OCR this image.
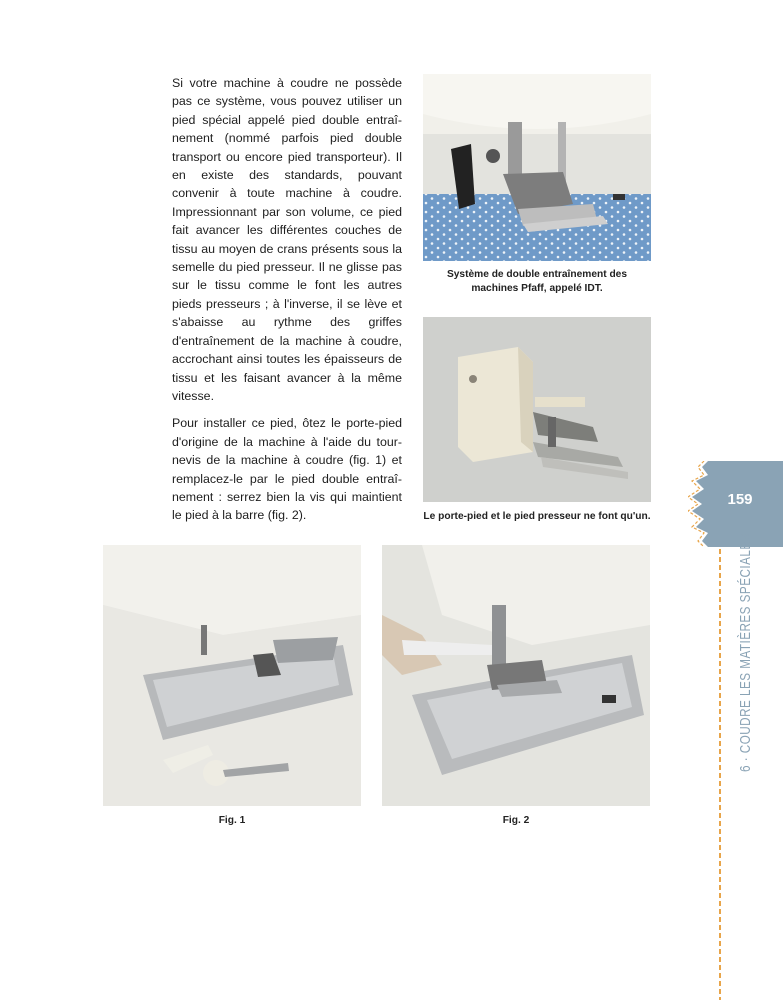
Si votre machine à coudre ne possède pas ce système, vous pouvez utiliser un pied spécial appelé pied double entraînement (nommé parfois pied double transport ou encore pied transporteur). Il en existe des standards, pouvant convenir à toute machine à coudre. Impressionnant par son volume, ce pied fait avancer les différentes couches de tissu au moyen de crans présents sous la semelle du pied presseur. Il ne glisse pas sur le tissu comme le font les autres pieds presseurs ; à l'inverse, il se lève et s'abaisse au rythme des griffes d'entraînement de la machine à coudre, accrochant ainsi toutes les épaisseurs de tissu et les faisant avancer à la même vitesse.

Pour installer ce pied, ôtez le porte-pied d'origine de la machine à l'aide du tournevis de la machine à coudre (fig. 1) et remplacez-le par le pied double entraînement : serrez bien la vis qui maintient le pied à la barre (fig. 2).

Système de double entraînement des machines Pfaff, appelé IDT.
Le porte-pied et le pied presseur ne font qu'un.
Fig. 1	Fig. 2
159
6 · COUDRE LES MATIÈRES SPÉCIALES
